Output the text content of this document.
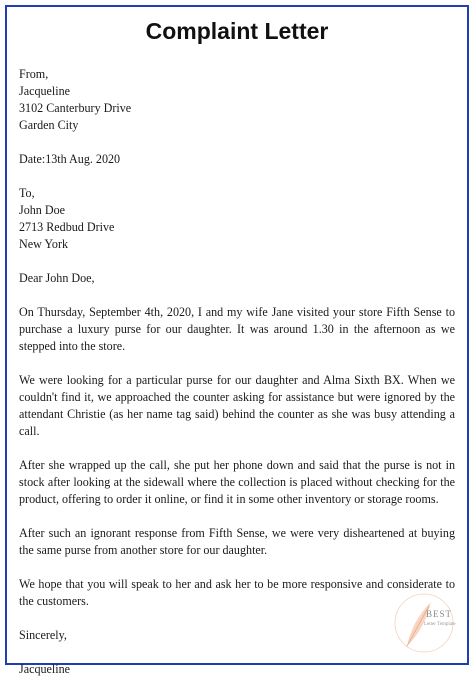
Complaint Letter
From,
Jacqueline
3102 Canterbury Drive
Garden City
Date:13th Aug. 2020
To,
John Doe
2713 Redbud Drive
New York
Dear John Doe,
On Thursday, September 4th, 2020, I and my wife Jane visited your store Fifth Sense to purchase a luxury purse for our daughter. It was around 1.30 in the afternoon as we stepped into the store.
We were looking for a particular purse for our daughter and Alma Sixth BX. When we couldn't find it, we approached the counter asking for assistance but were ignored by the attendant Christie (as her name tag said) behind the counter as she was busy attending a call.
After she wrapped up the call, she put her phone down and said that the purse is not in stock after looking at the sidewall where the collection is placed without checking for the product, offering to order it online, or find it in some other inventory or storage rooms.
After such an ignorant response from Fifth Sense, we were very disheartened at buying the same purse from another store for our daughter.
We hope that you will speak to her and ask her to be more responsive and considerate to the customers.
Sincerely,
Jacqueline
BEST
Letter Template
